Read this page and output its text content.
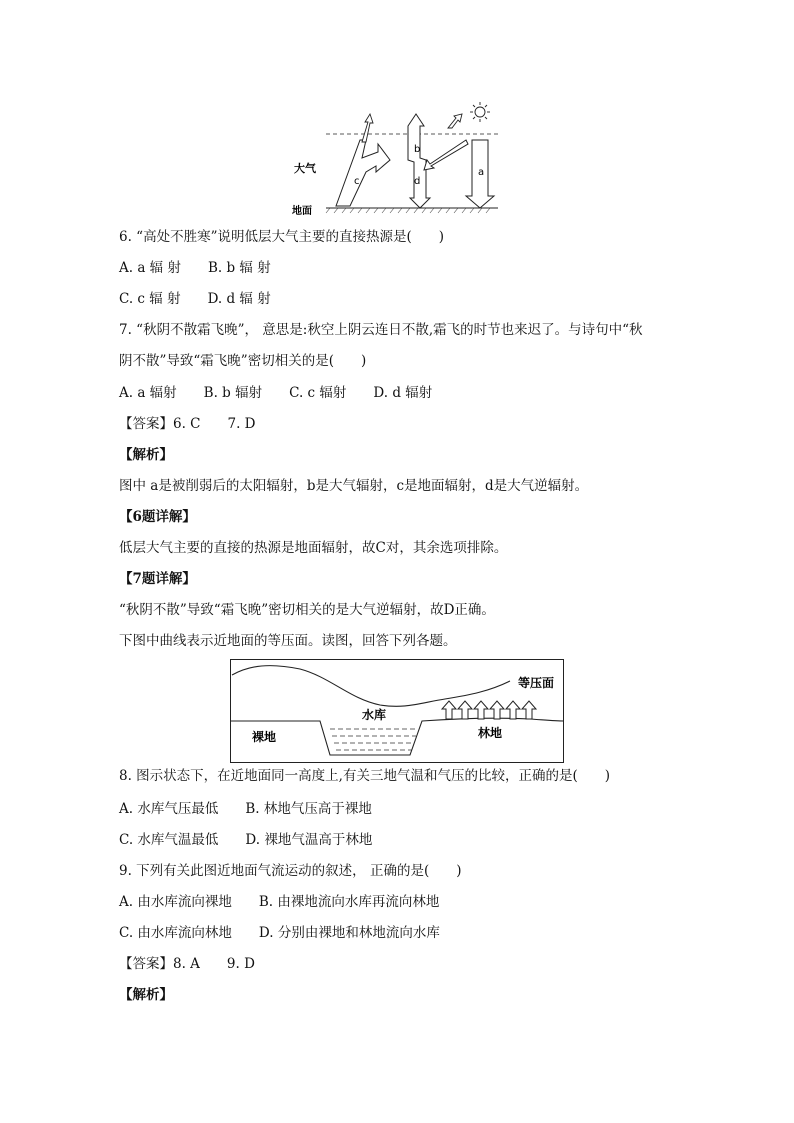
大气
地面
c
b
d
a
6. “高处不胜寒”说明低层大气主要的直接热源是(　　)
A. a 辐 射　　B. b 辐 射
C. c 辐 射　　D. d 辐 射
7. “秋阴不散霜飞晚”， 意思是:秋空上阴云连日不散,霜飞的时节也来迟了。与诗句中“秋
阴不散”导致“霜飞晚”密切相关的是(　　)
A. a 辐射　　B. b 辐射　　C. c 辐射　　D. d 辐射
【答案】6. C　　7. D
【解析】
图中 a是被削弱后的太阳辐射，b是大气辐射，c是地面辐射，d是大气逆辐射。
【6题详解】
低层大气主要的直接的热源是地面辐射，故C对，其余选项排除。
【7题详解】
“秋阴不散”导致“霜飞晚”密切相关的是大气逆辐射，故D正确。
下图中曲线表示近地面的等压面。读图，回答下列各题。
等压面
水库
裸地	林地
8. 图示状态下，在近地面同一高度上,有关三地气温和气压的比较，正确的是(　　)
A. 水库气压最低　　B. 林地气压高于裸地
C. 水库气温最低　　D. 裸地气温高于林地
9. 下列有关此图近地面气流运动的叙述， 正确的是(　　)
A. 由水库流向裸地　　B. 由裸地流向水库再流向林地
C. 由水库流向林地　　D. 分别由裸地和林地流向水库
【答案】8. A　　9. D
【解析】
